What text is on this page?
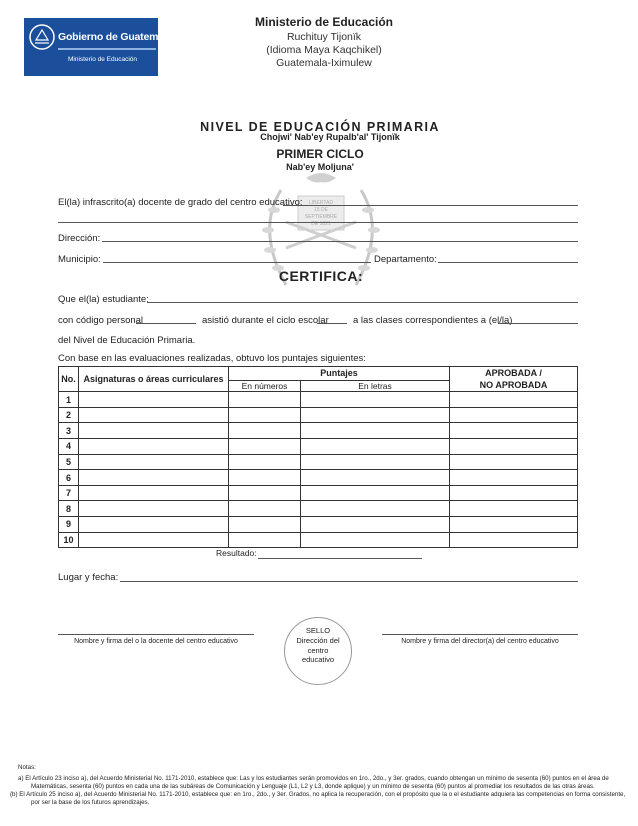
Gobierno de Guatemala
Ministerio de Educación
Ministerio de Educación
Ruchituy Tijonïk
(Idioma Maya Kaqchikel)
Guatemala-Iximulew
LIBERTAD
15 DE
SEPTIEMBRE
DE 1821
NIVEL DE EDUCACIÓN PRIMARIA
Chojwi' Nab'ey Rupalb'al' Tijonïk
PRIMER CICLO
Nab'ey Moljuna'
El(la) infrascrito(a) docente de grado del centro educativo:
Dirección:
Municipio:	Departamento:
CERTIFICA:
Que el(la) estudiante:
con código personal	asistió durante el ciclo escolar	a las clases correspondientes a (el/la)
del Nivel de Educación Primaria.
Con base en las evaluaciones realizadas, obtuvo los puntajes siguientes:
No.	Asignaturas o áreas curriculares	Puntajes		APROBADA /
NO APROBADA

		En números	En letras	
1				
2				
3				
4				
5				
6				
7				
8				
9				
10				
Resultado:
Lugar y fecha:
Nombre y firma del o la docente del centro educativo
SELLO
Dirección del
centro
educativo
Nombre y firma del director(a) del centro educativo
Notas:
a) El Artículo 23 inciso a), del Acuerdo Ministerial No. 1171-2010, establece que: Las y los estudiantes serán promovidos en 1ro., 2do., y 3er. grados, cuando obtengan un mínimo de sesenta (60) puntos en el área de
Matemáticas, sesenta (60) puntos en cada una de las subáreas de Comunicación y Lenguaje (L1, L2 y L3, donde aplique) y un mínimo de sesenta (60) puntos al promediar los resultados de las otras áreas.
(b) El Artículo 25 inciso a), del Acuerdo Ministerial No. 1171-2010, establece que: en 1ro., 2do., y 3er. Grados, no aplica la recuperación, con el propósito que la o el estudiante adquiera las competencias en forma consistente,
por ser la base de los futuros aprendizajes.
